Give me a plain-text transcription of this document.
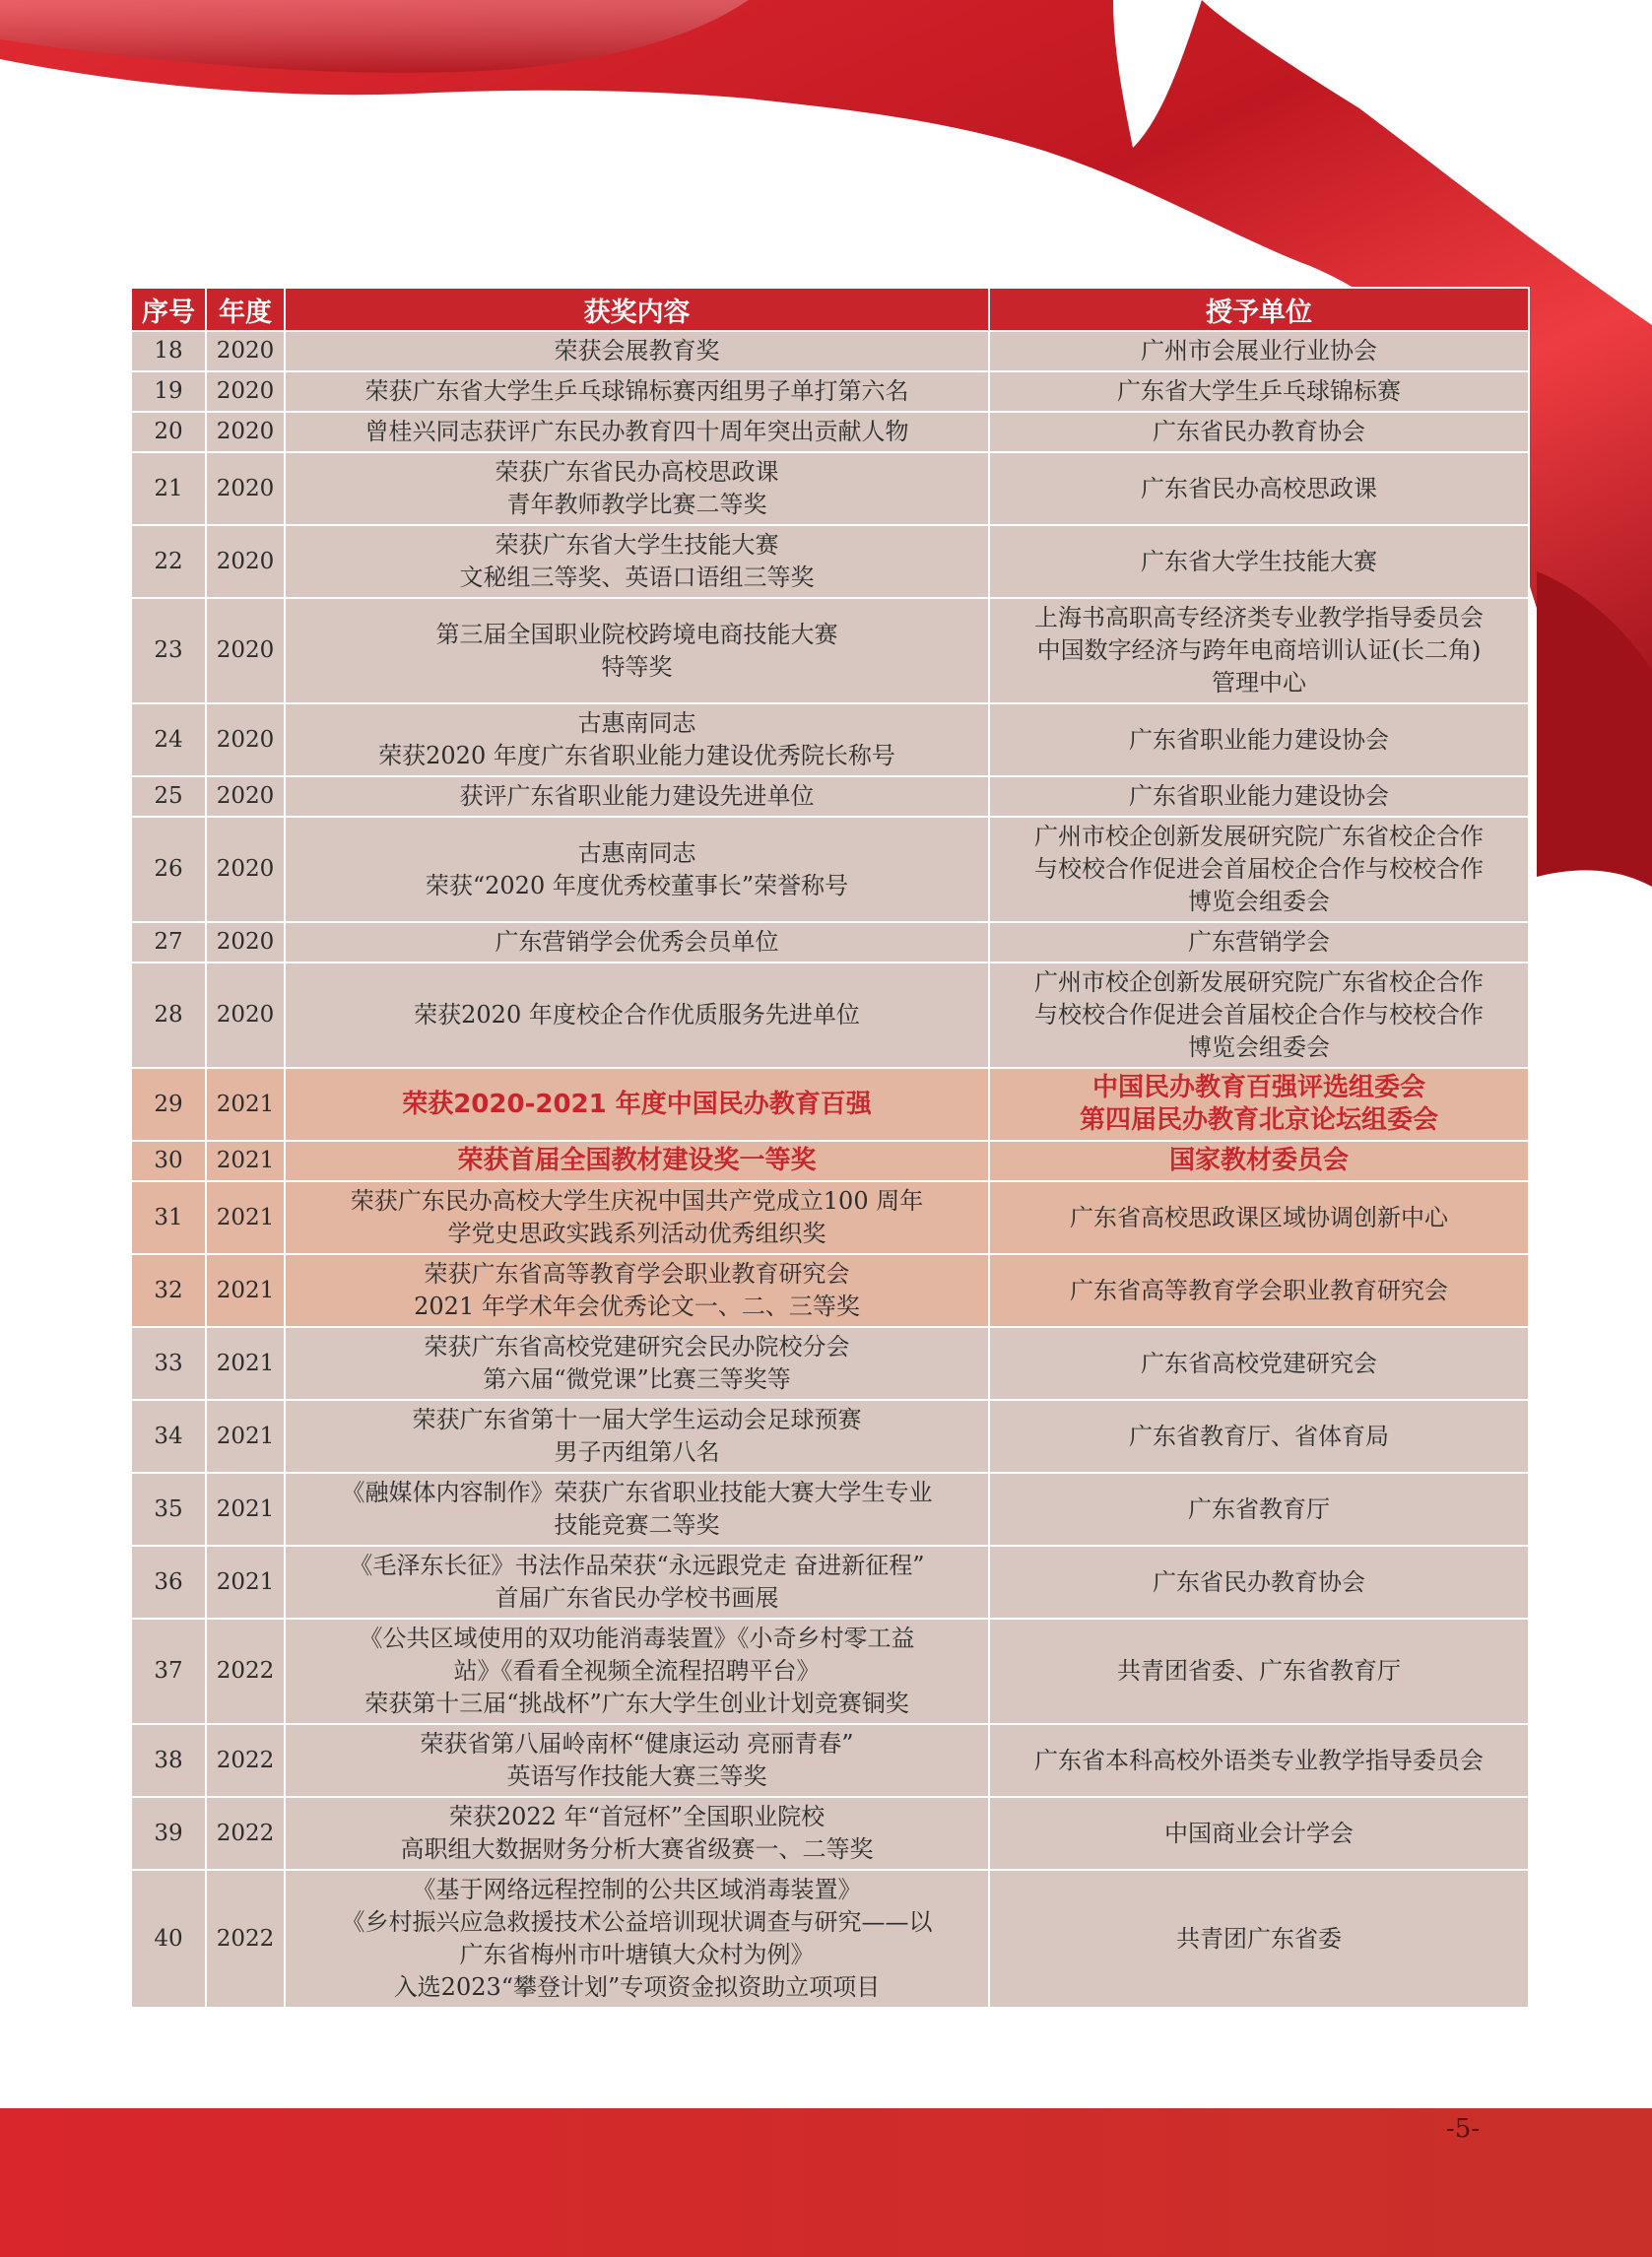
序号	年度	获奖内容	授予单位
18	2020	荣获会展教育奖	广州市会展业行业协会
19	2020	荣获广东省大学生乒乓球锦标赛丙组男子单打第六名	广东省大学生乒乓球锦标赛
20	2020	曾桂兴同志获评广东民办教育四十周年突出贡献人物	广东省民办教育协会
21	2020	荣获广东省民办高校思政课
青年教师教学比赛二等奖	广东省民办高校思政课
22	2020	荣获广东省大学生技能大赛
文秘组三等奖、英语口语组三等奖	广东省大学生技能大赛
23	2020	第三届全国职业院校跨境电商技能大赛
特等奖	上海书高职高专经济类专业教学指导委员会
中国数字经济与跨年电商培训认证(长二角)
管理中心
24	2020	古惠南同志
荣获2020 年度广东省职业能力建设优秀院长称号	广东省职业能力建设协会
25	2020	获评广东省职业能力建设先进单位	广东省职业能力建设协会
26	2020	古惠南同志
荣获“2020 年度优秀校董事长”荣誉称号	广州市校企创新发展研究院广东省校企合作
与校校合作促进会首届校企合作与校校合作
博览会组委会
27	2020	广东营销学会优秀会员单位	广东营销学会
28	2020	荣获2020 年度校企合作优质服务先进单位	广州市校企创新发展研究院广东省校企合作
与校校合作促进会首届校企合作与校校合作
博览会组委会
29	2021	荣获2020-2021 年度中国民办教育百强	中国民办教育百强评选组委会
第四届民办教育北京论坛组委会
30	2021	荣获首届全国教材建设奖一等奖	国家教材委员会
31	2021	荣获广东民办高校大学生庆祝中国共产党成立100 周年
学党史思政实践系列活动优秀组织奖	广东省高校思政课区域协调创新中心
32	2021	荣获广东省高等教育学会职业教育研究会
2021 年学术年会优秀论文一、二、三等奖	广东省高等教育学会职业教育研究会
33	2021	荣获广东省高校党建研究会民办院校分会
第六届“微党课”比赛三等奖等	广东省高校党建研究会
34	2021	荣获广东省第十一届大学生运动会足球预赛
男子丙组第八名	广东省教育厅、省体育局
35	2021	《融媒体内容制作》荣获广东省职业技能大赛大学生专业
技能竞赛二等奖	广东省教育厅
36	2021	《毛泽东长征》书法作品荣获“永远跟党走 奋进新征程”
首届广东省民办学校书画展	广东省民办教育协会
37	2022	《公共区域使用的双功能消毒装置》《小奇乡村零工益
站》《看看全视频全流程招聘平台》
荣获第十三届“挑战杯”广东大学生创业计划竞赛铜奖	共青团省委、广东省教育厅
38	2022	荣获省第八届岭南杯“健康运动 亮丽青春”
英语写作技能大赛三等奖	广东省本科高校外语类专业教学指导委员会
39	2022	荣获2022 年“首冠杯”全国职业院校
高职组大数据财务分析大赛省级赛一、二等奖	中国商业会计学会
40	2022	《基于网络远程控制的公共区域消毒装置》
《乡村振兴应急救援技术公益培训现状调查与研究——以
广东省梅州市叶塘镇大众村为例》
入选2023“攀登计划”专项资金拟资助立项项目	共青团广东省委
-5-
